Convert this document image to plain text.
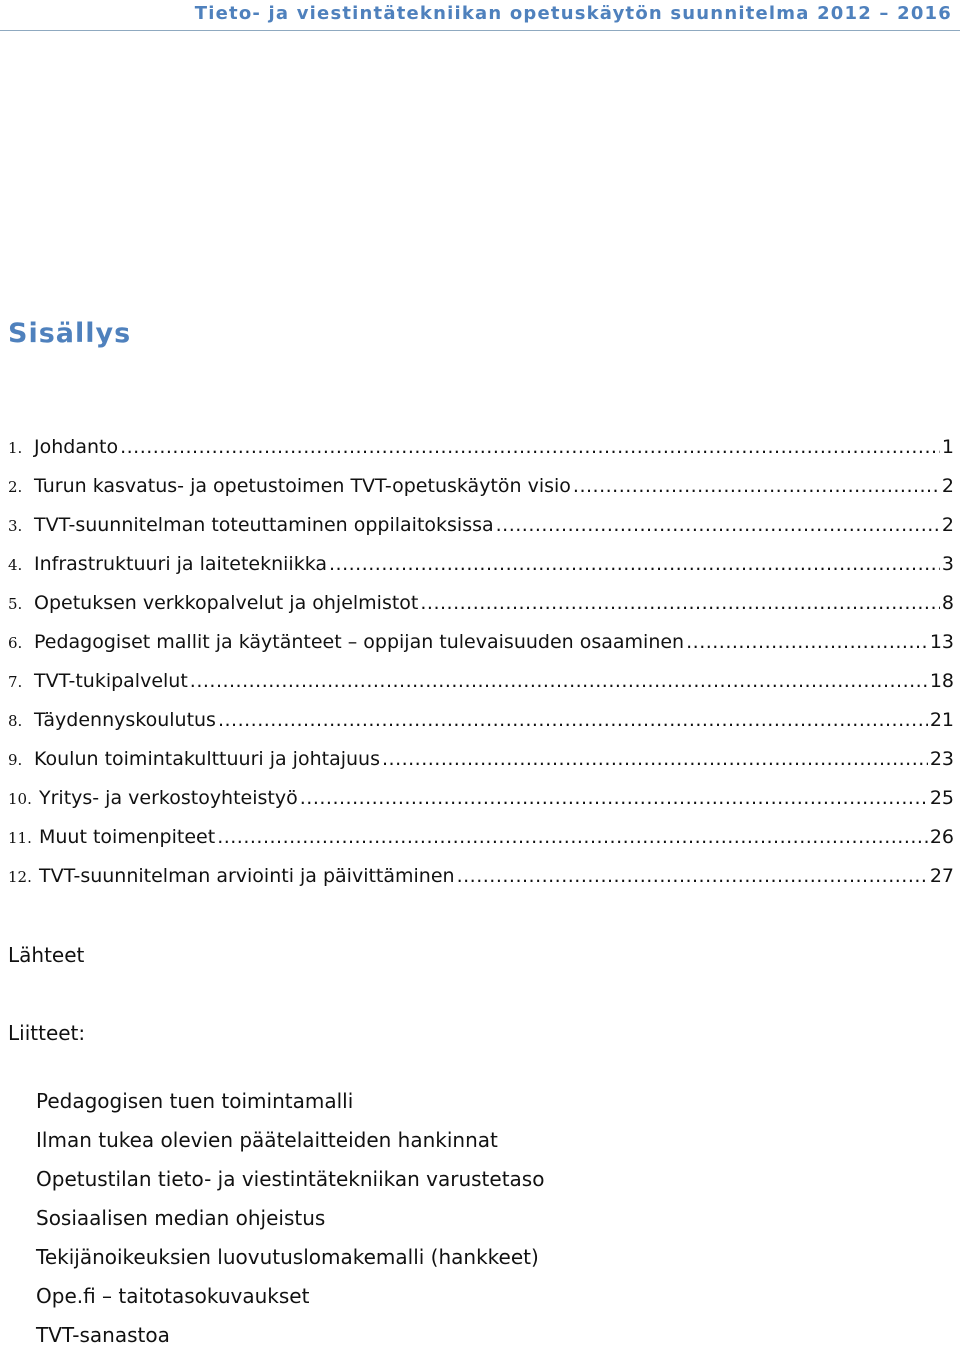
Tieto- ja viestintätekniikan opetuskäytön suunnitelma 2012 – 2016
Sisällys
1. Johdanto .....	1
2. Turun kasvatus- ja opetustoimen TVT-opetuskäytön visio .....	2
3. TVT-suunnitelman toteuttaminen oppilaitoksissa .....	2
4. Infrastruktuuri ja laitetekniikka .....	3
5. Opetuksen verkkopalvelut ja ohjelmistot .....	8
6. Pedagogiset mallit ja käytänteet – oppijan tulevaisuuden osaaminen .....	13
7. TVT-tukipalvelut .....	18
8. Täydennyskoulutus .....	21
9. Koulun toimintakulttuuri ja johtajuus .....	23
10. Yritys- ja verkostoyhteistyö .....	25
11. Muut toimenpiteet .....	26
12. TVT-suunnitelman arviointi ja päivittäminen .....	27
Lähteet
Liitteet:
Pedagogisen tuen toimintamalli
Ilman tukea olevien päätelaitteiden hankinnat
Opetustilan tieto- ja viestintätekniikan varustetaso
Sosiaalisen median ohjeistus
Tekijänoikeuksien luovutuslomakemalli (hankkeet)
Ope.fi – taitotasokuvaukset
TVT-sanastoa
